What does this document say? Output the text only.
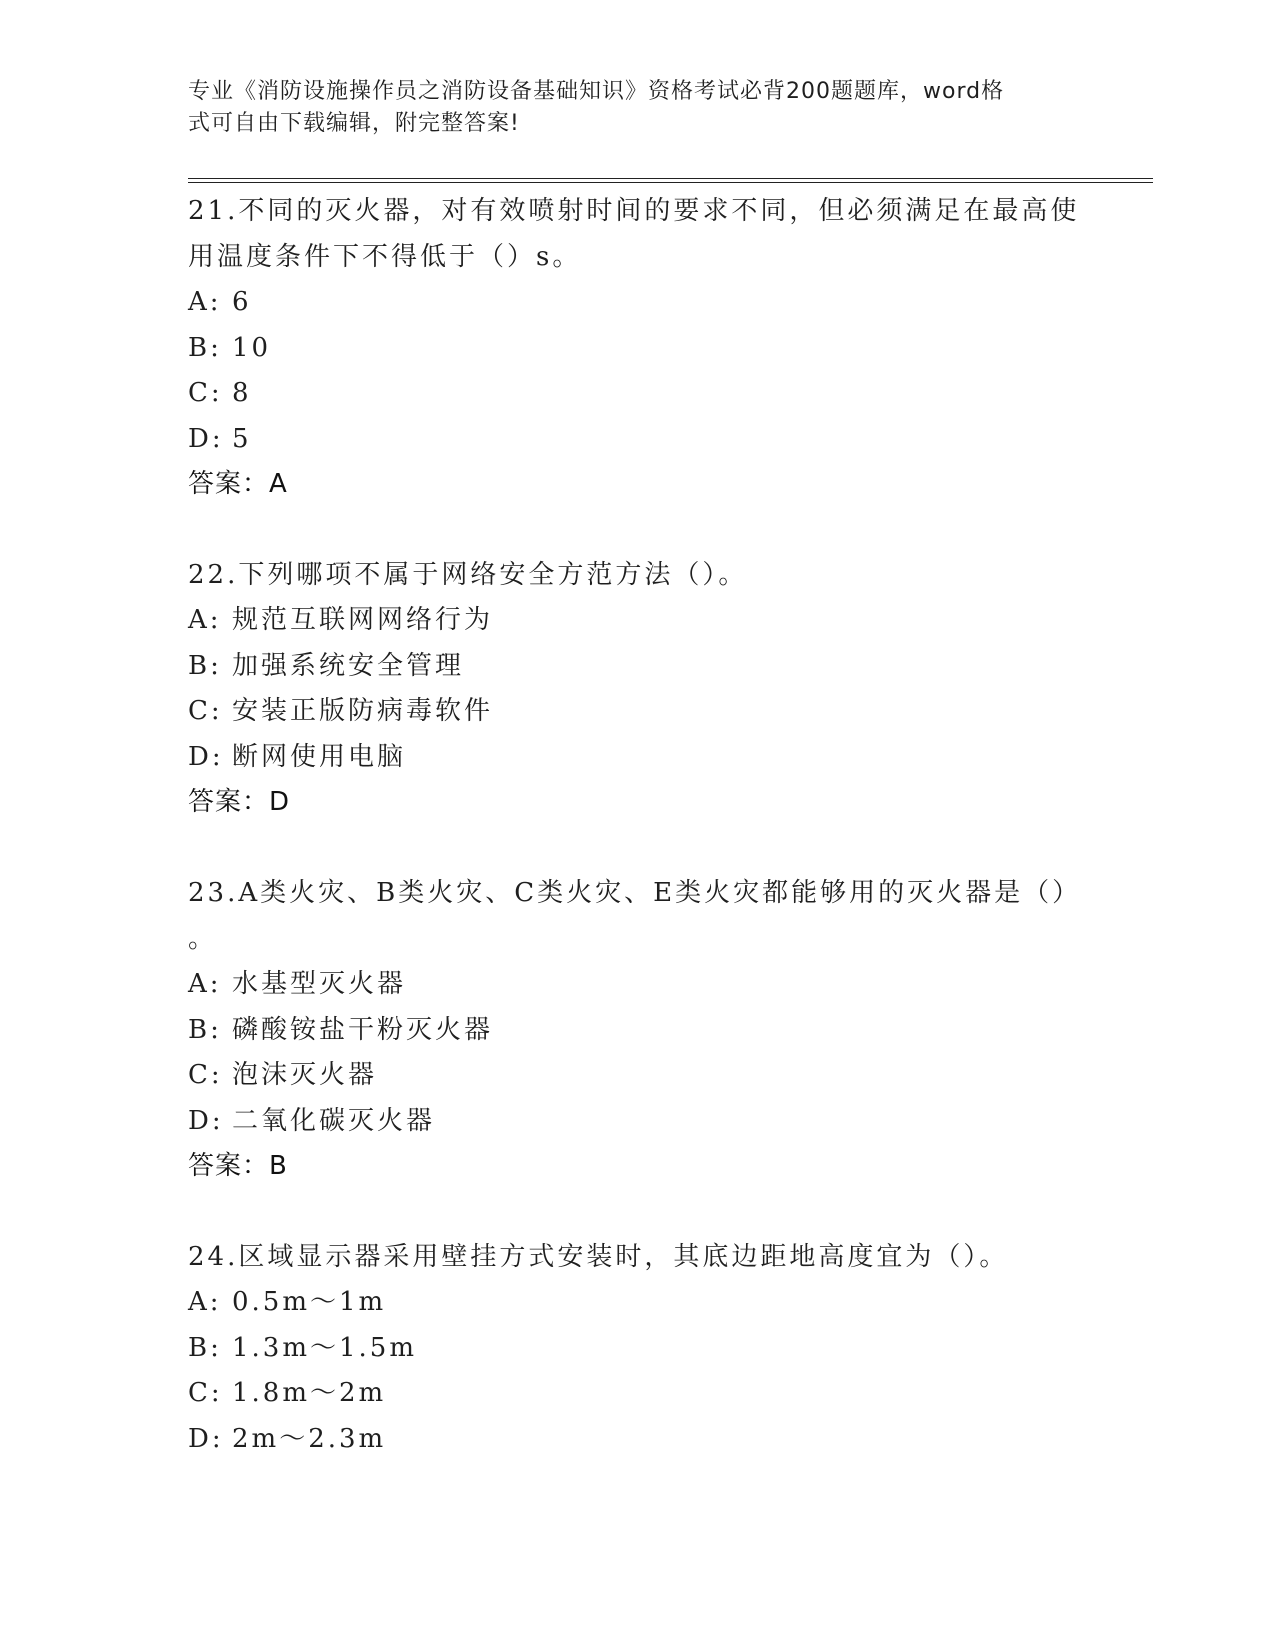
专业《消防设施操作员之消防设备基础知识》资格考试必背200题题库，word格
式可自由下载编辑，附完整答案!
21.不同的灭火器，对有效喷射时间的要求不同，但必须满足在最高使
用温度条件下不得低于（）s。
A: 6
B: 10
C: 8
D: 5
答案：A
22.下列哪项不属于网络安全方范方法（）。
A: 规范互联网网络行为
B: 加强系统安全管理
C: 安装正版防病毒软件
D: 断网使用电脑
答案：D
23.A类火灾、B类火灾、C类火灾、E类火灾都能够用的灭火器是（）
。
A: 水基型灭火器
B: 磷酸铵盐干粉灭火器
C: 泡沫灭火器
D: 二氧化碳灭火器
答案：B
24.区域显示器采用壁挂方式安装时，其底边距地高度宜为（）。
A: 0.5m～1m
B: 1.3m～1.5m
C: 1.8m～2m
D: 2m～2.3m
